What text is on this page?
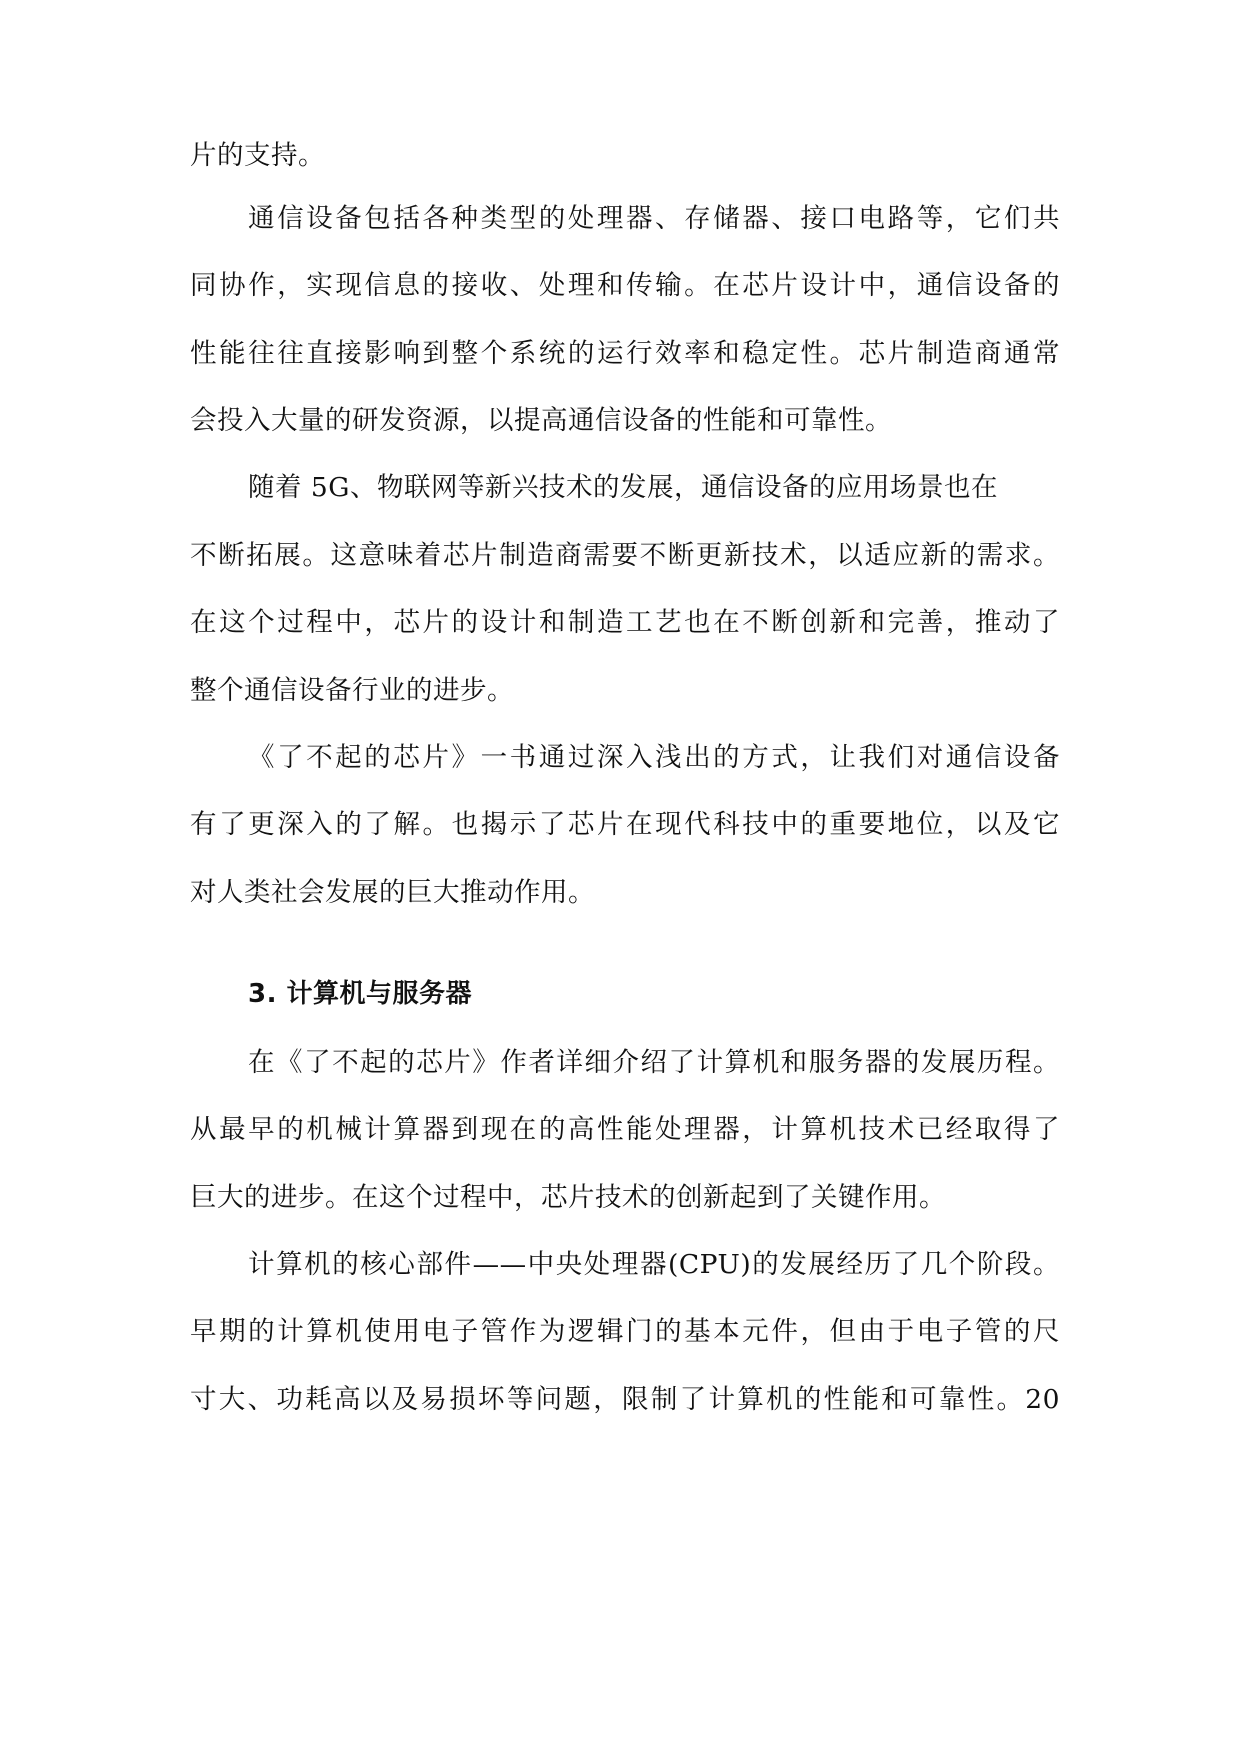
片的支持。
通信设备包括各种类型的处理器、存储器、接口电路等，它们共
同协作，实现信息的接收、处理和传输。在芯片设计中，通信设备的
性能往往直接影响到整个系统的运行效率和稳定性。芯片制造商通常
会投入大量的研发资源，以提高通信设备的性能和可靠性。
随着 5G、物联网等新兴技术的发展，通信设备的应用场景也在
不断拓展。这意味着芯片制造商需要不断更新技术，以适应新的需求。
在这个过程中，芯片的设计和制造工艺也在不断创新和完善，推动了
整个通信设备行业的进步。
《了不起的芯片》一书通过深入浅出的方式，让我们对通信设备
有了更深入的了解。也揭示了芯片在现代科技中的重要地位，以及它
对人类社会发展的巨大推动作用。
3. 计算机与服务器
在《了不起的芯片》作者详细介绍了计算机和服务器的发展历程。
从最早的机械计算器到现在的高性能处理器，计算机技术已经取得了
巨大的进步。在这个过程中，芯片技术的创新起到了关键作用。
计算机的核心部件——中央处理器(CPU)的发展经历了几个阶段。
早期的计算机使用电子管作为逻辑门的基本元件，但由于电子管的尺
寸大、功耗高以及易损坏等问题，限制了计算机的性能和可靠性。20
